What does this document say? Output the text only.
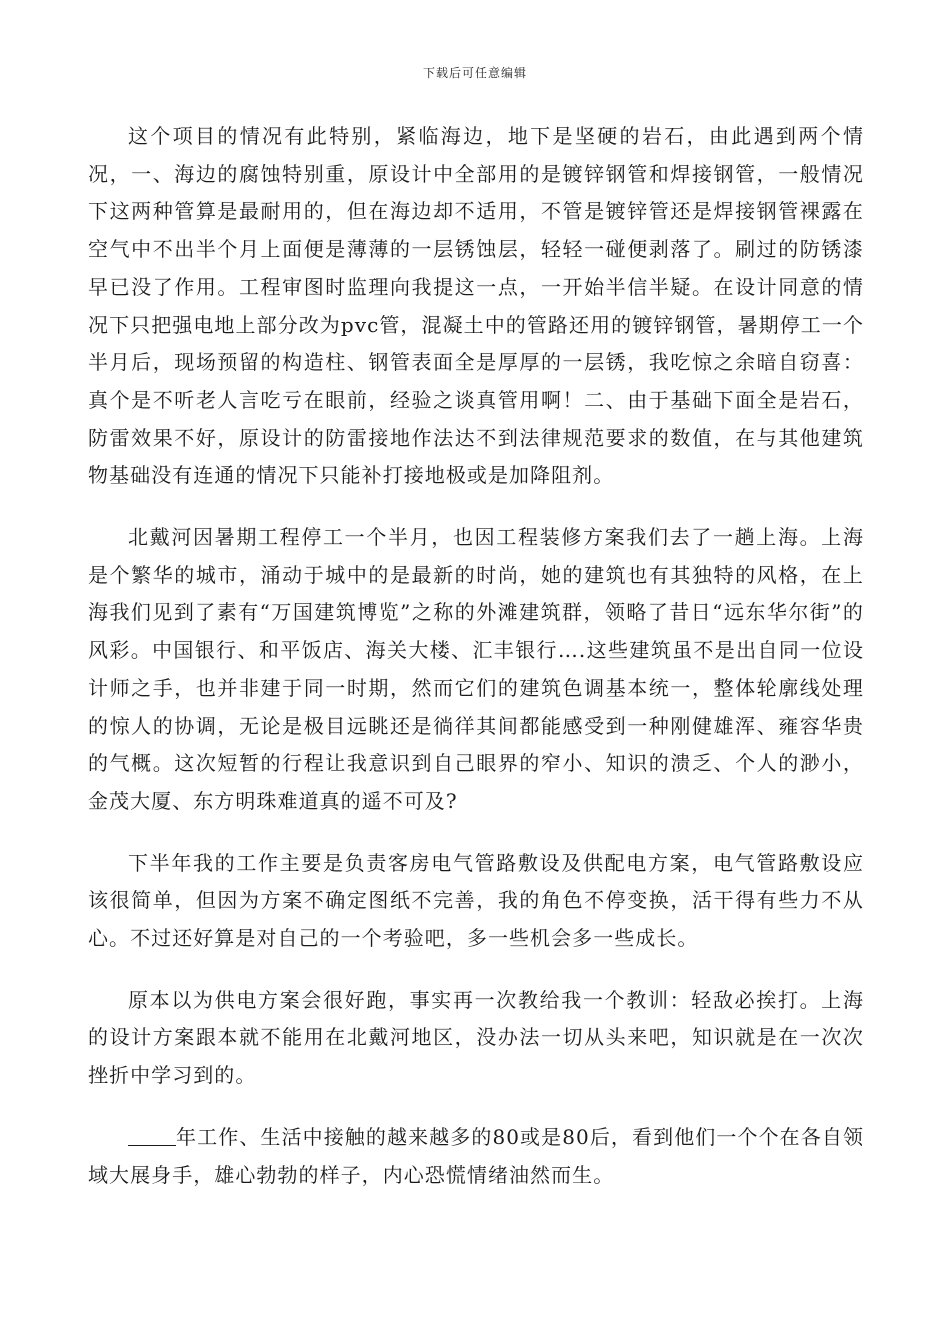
下载后可任意编辑

这个项目的情况有此特别，紧临海边，地下是坚硬的岩石，由此遇到两个情况，一、海边的腐蚀特别重，原设计中全部用的是镀锌钢管和焊接钢管，一般情况下这两种管算是最耐用的，但在海边却不适用，不管是镀锌管还是焊接钢管裸露在空气中不出半个月上面便是薄薄的一层锈蚀层，轻轻一碰便剥落了。刷过的防锈漆早已没了作用。工程审图时监理向我提这一点，一开始半信半疑。在设计同意的情况下只把强电地上部分改为pvc管，混凝土中的管路还用的镀锌钢管，暑期停工一个半月后，现场预留的构造柱、钢管表面全是厚厚的一层锈，我吃惊之余暗自窃喜：真个是不听老人言吃亏在眼前，经验之谈真管用啊！二、由于基础下面全是岩石，防雷效果不好，原设计的防雷接地作法达不到法律规范要求的数值，在与其他建筑物基础没有连通的情况下只能补打接地极或是加降阻剂。

北戴河因暑期工程停工一个半月，也因工程装修方案我们去了一趟上海。上海是个繁华的城市，涌动于城中的是最新的时尚，她的建筑也有其独特的风格，在上海我们见到了素有“万国建筑博览”之称的外滩建筑群，领略了昔日“远东华尔街”的风彩。中国银行、和平饭店、海关大楼、汇丰银行….这些建筑虽不是出自同一位设计师之手，也并非建于同一时期，然而它们的建筑色调基本统一，整体轮廓线处理的惊人的协调，无论是极目远眺还是徜徉其间都能感受到一种刚健雄浑、雍容华贵的气概。这次短暂的行程让我意识到自己眼界的窄小、知识的溃乏、个人的渺小，金茂大厦、东方明珠难道真的遥不可及?

下半年我的工作主要是负责客房电气管路敷设及供配电方案，电气管路敷设应该很简单，但因为方案不确定图纸不完善，我的角色不停变换，活干得有些力不从心。不过还好算是对自己的一个考验吧，多一些机会多一些成长。

原本以为供电方案会很好跑，事实再一次教给我一个教训：轻敌必挨打。上海的设计方案跟本就不能用在北戴河地区，没办法一切从头来吧，知识就是在一次次挫折中学习到的。

年工作、生活中接触的越来越多的80或是80后，看到他们一个个在各自领域大展身手，雄心勃勃的样子，内心恐慌情绪油然而生。
